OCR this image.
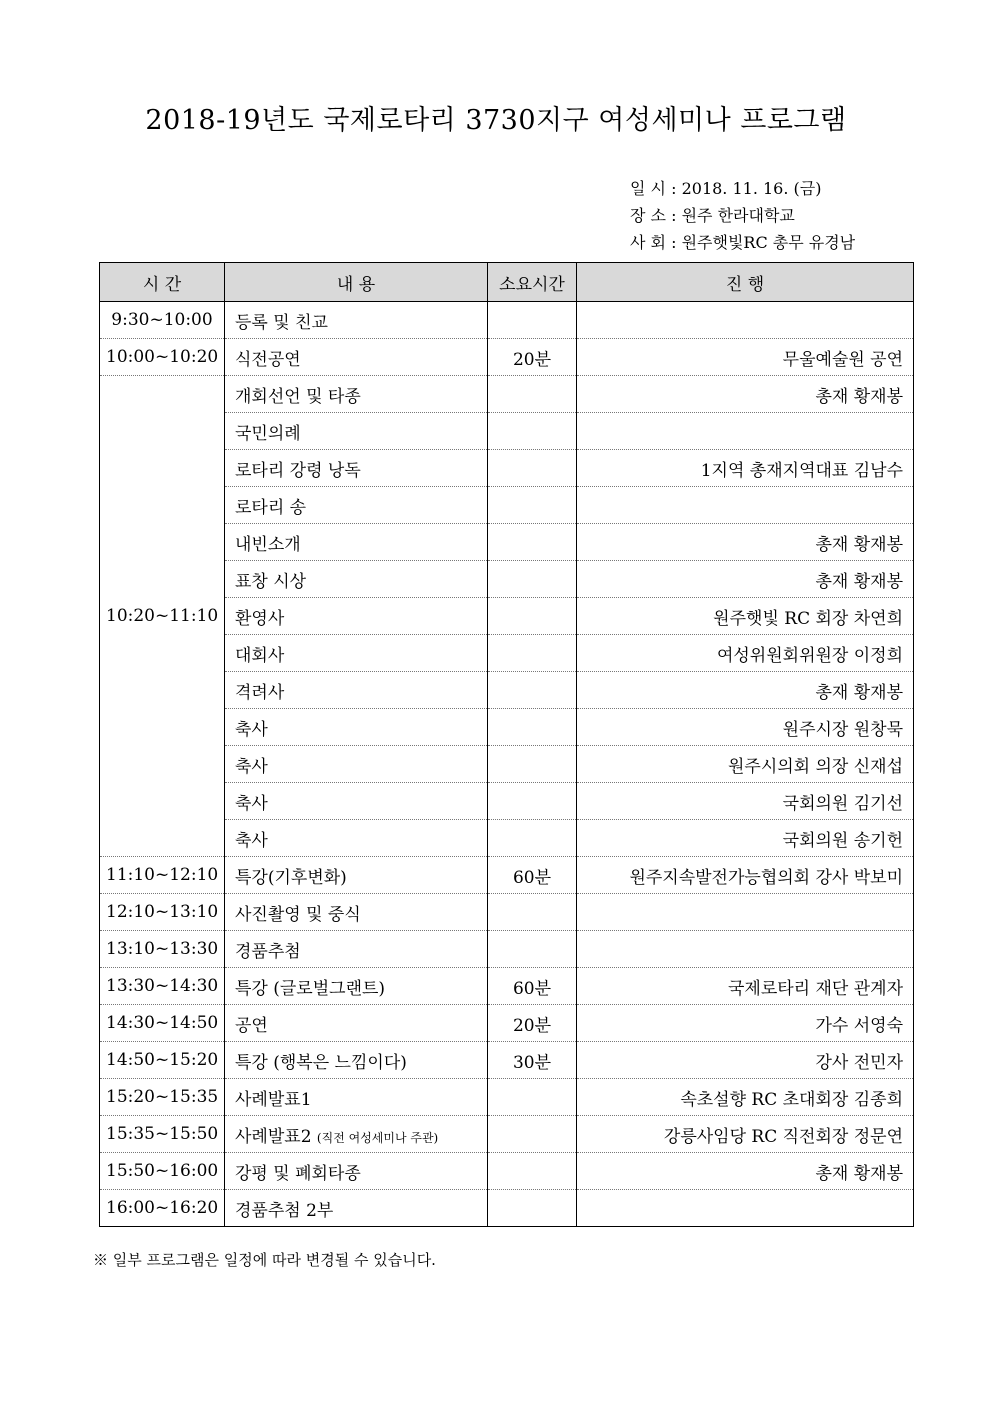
2018-19년도 국제로타리 3730지구 여성세미나 프로그램
일 시 : 2018. 11. 16. (금)
장 소 : 원주 한라대학교
사 회 : 원주햇빛RC 총무 유경남
시 간	내 용	소요시간	진 행
9:30~10:00	등록 및 친교		
10:00~10:20	식전공연	20분	무울예술원 공연
10:20~11:10	개회선언 및 타종		총재 황재봉
	국민의례		
	로타리 강령 낭독		1지역 총재지역대표 김남수
	로타리 송		
	내빈소개		총재 황재봉
	표창 시상		총재 황재봉
	환영사		원주햇빛 RC 회장 차연희
	대회사		여성위원회위원장 이정희
	격려사		총재 황재봉
	축사		원주시장 원창묵
	축사		원주시의회 의장 신재섭
	축사		국회의원 김기선
	축사		국회의원 송기헌
11:10~12:10	특강(기후변화)	60분	원주지속발전가능협의회 강사 박보미
12:10~13:10	사진촬영 및 중식		
13:10~13:30	경품추첨		
13:30~14:30	특강 (글로벌그랜트)	60분	국제로타리 재단 관계자
14:30~14:50	공연	20분	가수 서영숙
14:50~15:20	특강 (행복은 느낌이다)	30분	강사 전민자
15:20~15:35	사례발표1		속초설향 RC 초대회장 김종희
15:35~15:50	사례발표2 (직전 여성세미나 주관)		강릉사임당 RC 직전회장 정문연
15:50~16:00	강평 및 폐회타종		총재 황재봉
16:00~16:20	경품추첨 2부		
※ 일부 프로그램은 일정에 따라 변경될 수 있습니다.
